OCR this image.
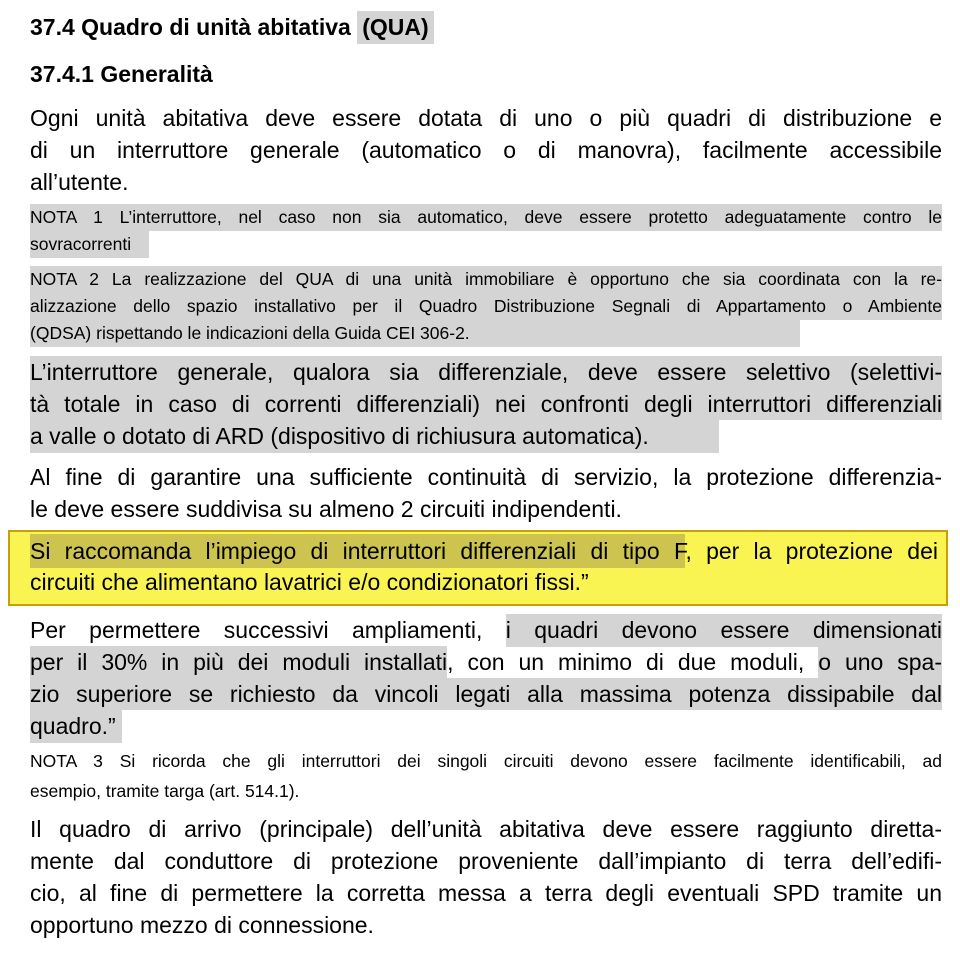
37.4 Quadro di unità abitativa (QUA)
37.4.1 Generalità
Ogni unità abitativa deve essere dotata di uno o più quadri di distribuzione e
di un interruttore generale (automatico o di manovra), facilmente accessibile
all’utente.
NOTA 1 L’interruttore, nel caso non sia automatico, deve essere protetto adeguatamente contro le
sovracorrenti
NOTA 2 La realizzazione del QUA di una unità immobiliare è opportuno che sia coordinata con la re-
alizzazione dello spazio installativo per il Quadro Distribuzione Segnali di Appartamento o Ambiente
(QDSA) rispettando le indicazioni della Guida CEI 306-2.
L’interruttore generale, qualora sia differenziale, deve essere selettivo (selettivi-
tà totale in caso di correnti differenziali) nei confronti degli interruttori differenziali
a valle o dotato di ARD (dispositivo di richiusura automatica).
Al fine di garantire una sufficiente continuità di servizio, la protezione differenzia-
le deve essere suddivisa su almeno 2 circuiti indipendenti.
Si raccomanda l’impiego di interruttori differenziali di tipo F, per la protezione dei
circuiti che alimentano lavatrici e/o condizionatori fissi.”
Per permettere successivi ampliamenti, i quadri devono essere dimensionati
per il 30% in più dei moduli installati, con un minimo di due moduli, o uno spa-
zio superiore se richiesto da vincoli legati alla massima potenza dissipabile dal
quadro.”
NOTA 3 Si ricorda che gli interruttori dei singoli circuiti devono essere facilmente identificabili, ad
esempio, tramite targa (art. 514.1).
Il quadro di arrivo (principale) dell’unità abitativa deve essere raggiunto diretta-
mente dal conduttore di protezione proveniente dall’impianto di terra dell’edifi-
cio, al fine di permettere la corretta messa a terra degli eventuali SPD tramite un
opportuno mezzo di connessione.
